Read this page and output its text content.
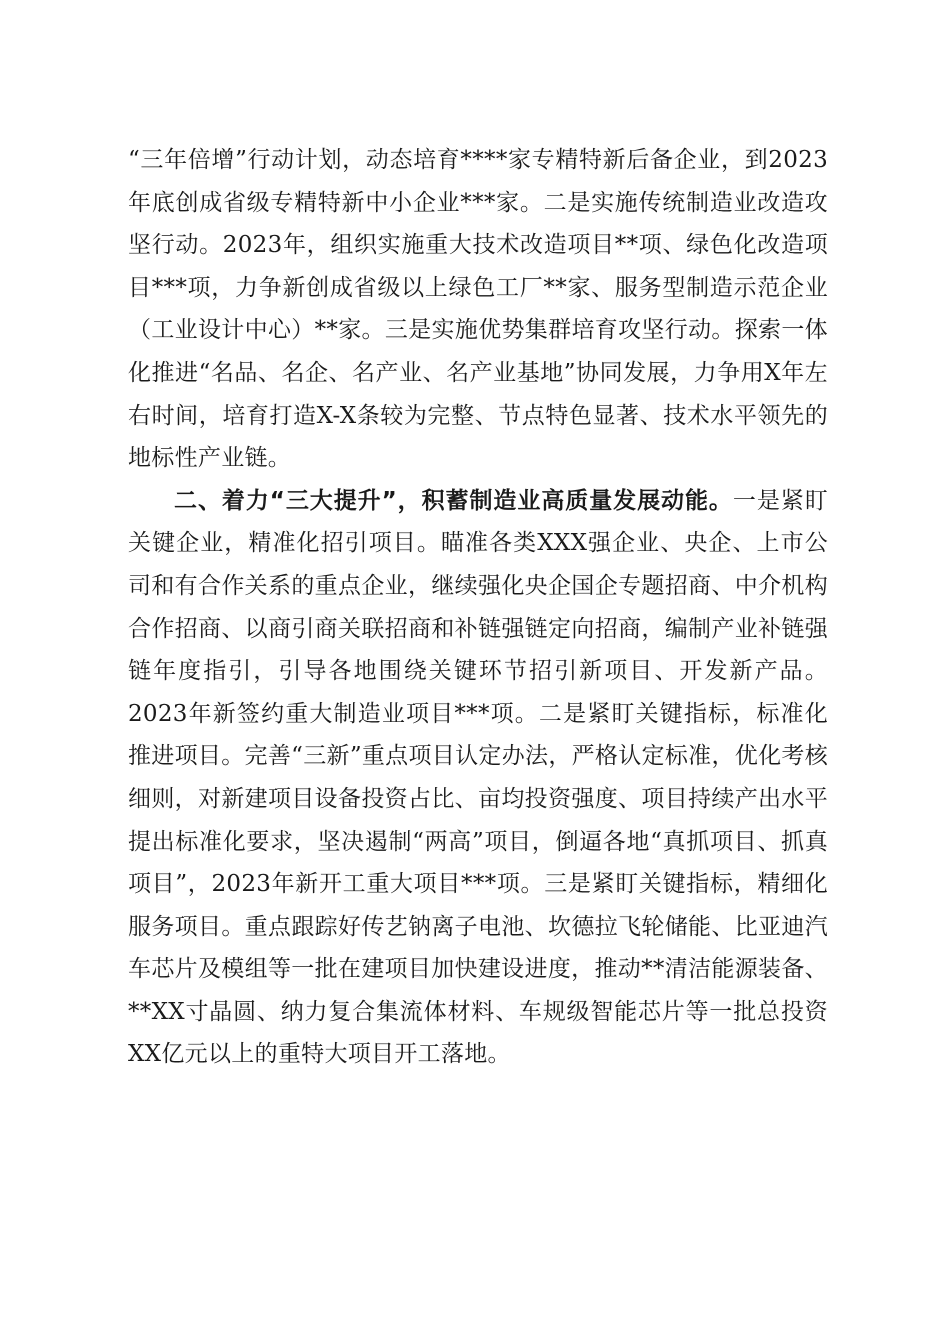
“三年倍增”行动计划，动态培育****家专精特新后备企业，到2023年底创成省级专精特新中小企业***家。二是实施传统制造业改造攻坚行动。2023年，组织实施重大技术改造项目**项、绿色化改造项目***项，力争新创成省级以上绿色工厂**家、服务型制造示范企业（工业设计中心）**家。三是实施优势集群培育攻坚行动。探索一体化推进“名品、名企、名产业、名产业基地”协同发展，力争用X年左右时间，培育打造X-X条较为完整、节点特色显著、技术水平领先的地标性产业链。

二、着力“三大提升”，积蓄制造业高质量发展动能。一是紧盯关键企业，精准化招引项目。瞄准各类XXX强企业、央企、上市公司和有合作关系的重点企业，继续强化央企国企专题招商、中介机构合作招商、以商引商关联招商和补链强链定向招商，编制产业补链强链年度指引，引导各地围绕关键环节招引新项目、开发新产品。2023年新签约重大制造业项目***项。二是紧盯关键指标，标准化推进项目。完善“三新”重点项目认定办法，严格认定标准，优化考核细则，对新建项目设备投资占比、亩均投资强度、项目持续产出水平提出标准化要求，坚决遏制“两高”项目，倒逼各地“真抓项目、抓真项目”，2023年新开工重大项目***项。三是紧盯关键指标，精细化服务项目。重点跟踪好传艺钠离子电池、坎德拉飞轮储能、比亚迪汽车芯片及模组等一批在建项目加快建设进度，推动**清洁能源装备、**XX寸晶圆、纳力复合集流体材料、车规级智能芯片等一批总投资XX亿元以上的重特大项目开工落地。
